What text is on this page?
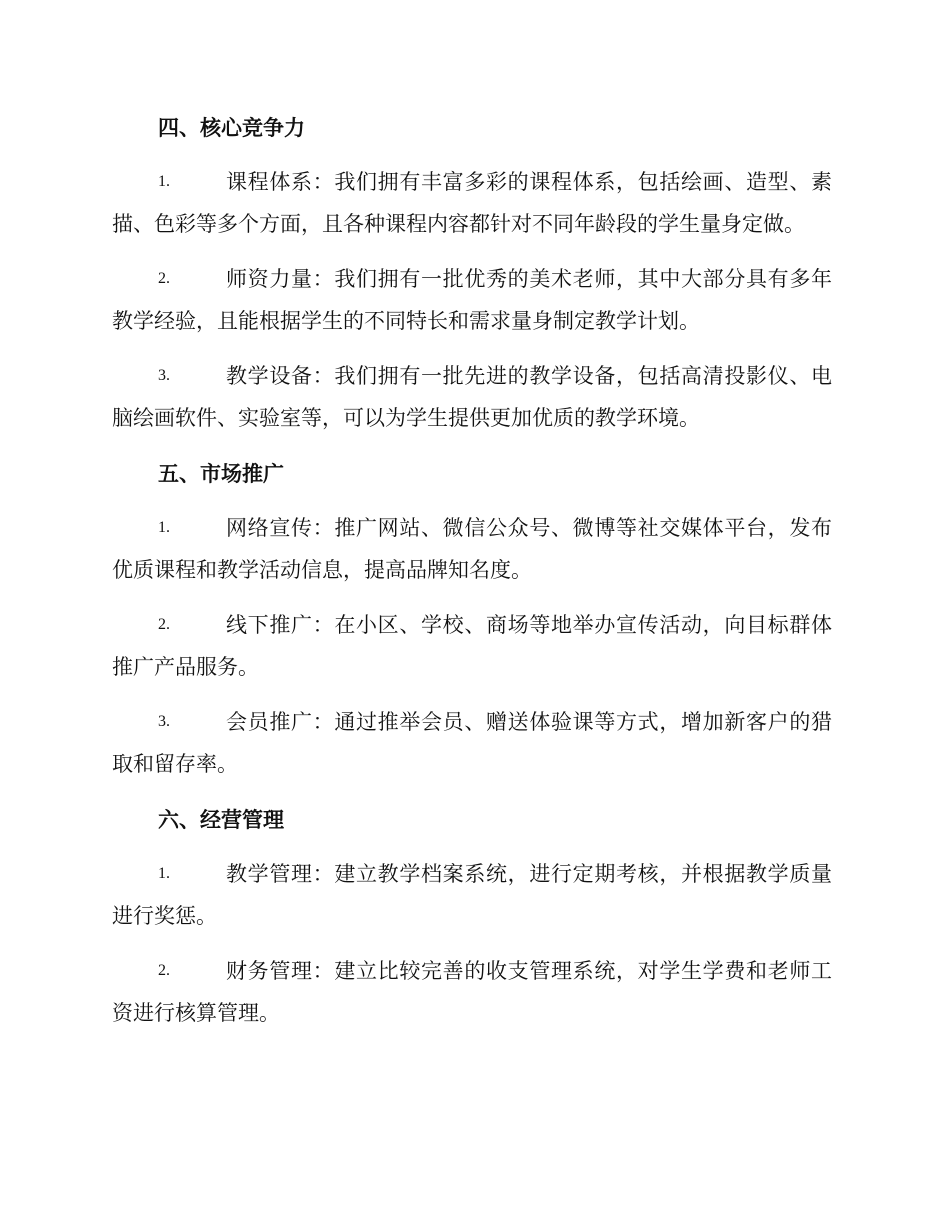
四、核心竞争力
1.	课程体系：我们拥有丰富多彩的课程体系，包括绘画、造型、素
描、色彩等多个方面，且各种课程内容都针对不同年龄段的学生量身定做。
2.	师资力量：我们拥有一批优秀的美术老师，其中大部分具有多年
教学经验，且能根据学生的不同特长和需求量身制定教学计划。
3.	教学设备：我们拥有一批先进的教学设备，包括高清投影仪、电
脑绘画软件、实验室等，可以为学生提供更加优质的教学环境。
五、市场推广
1.	网络宣传：推广网站、微信公众号、微博等社交媒体平台，发布
优质课程和教学活动信息，提高品牌知名度。
2.	线下推广：在小区、学校、商场等地举办宣传活动，向目标群体
推广产品服务。
3.	会员推广：通过推举会员、赠送体验课等方式，增加新客户的猎
取和留存率。
六、经营管理
1.	教学管理：建立教学档案系统，进行定期考核，并根据教学质量
进行奖惩。
2.	财务管理：建立比较完善的收支管理系统，对学生学费和老师工
资进行核算管理。
